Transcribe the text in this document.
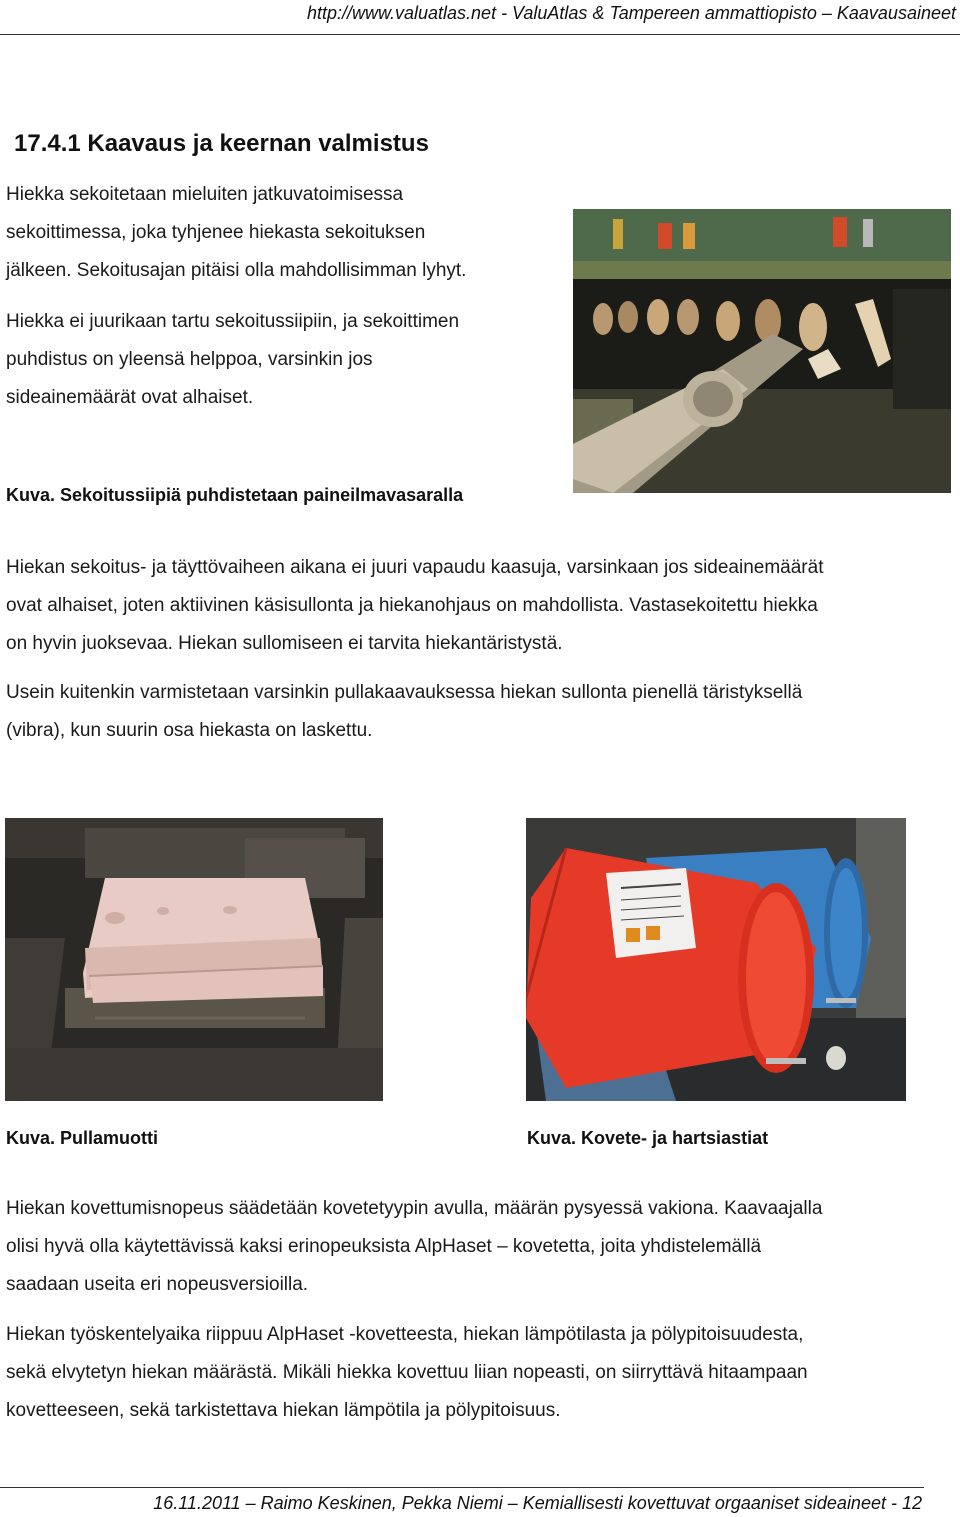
http://www.valuatlas.net - ValuAtlas & Tampereen ammattiopisto – Kaavausaineet
17.4.1 Kaavaus ja keernan valmistus
Hiekka sekoitetaan mieluiten jatkuvatoimisessa
sekoittimessa, joka tyhjenee hiekasta sekoituksen
jälkeen. Sekoitusajan pitäisi olla mahdollisimman lyhyt.
Hiekka ei juurikaan tartu sekoitussiipiin, ja sekoittimen
puhdistus on yleensä helppoa, varsinkin jos
sideainemäärät ovat alhaiset.
Kuva. Sekoitussiipiä puhdistetaan paineilmavasaralla
Hiekan sekoitus- ja täyttövaiheen aikana ei juuri vapaudu kaasuja, varsinkaan jos sideainemäärät
ovat alhaiset, joten aktiivinen käsisullonta ja hiekanohjaus on mahdollista. Vastasekoitettu hiekka
on hyvin juoksevaa. Hiekan sullomiseen ei tarvita hiekantäristystä.
Usein kuitenkin varmistetaan varsinkin pullakaavauksessa hiekan sullonta pienellä täristyksellä
(vibra), kun suurin osa hiekasta on laskettu.
Kuva. Pullamuotti	Kuva. Kovete- ja hartsiastiat
Hiekan kovettumisnopeus säädetään kovetetyypin avulla, määrän pysyessä vakiona. Kaavaajalla
olisi hyvä olla käytettävissä kaksi erinopeuksista AlpHaset – kovetetta, joita yhdistelemällä
saadaan useita eri nopeusversioilla.
Hiekan työskentelyaika riippuu AlpHaset -kovetteesta, hiekan lämpötilasta ja pölypitoisuudesta,
sekä elvytetyn hiekan määrästä. Mikäli hiekka kovettuu liian nopeasti, on siirryttävä hitaampaan
kovetteeseen, sekä tarkistettava hiekan lämpötila ja pölypitoisuus.
16.11.2011 – Raimo Keskinen, Pekka Niemi – Kemiallisesti kovettuvat orgaaniset sideaineet - 12
